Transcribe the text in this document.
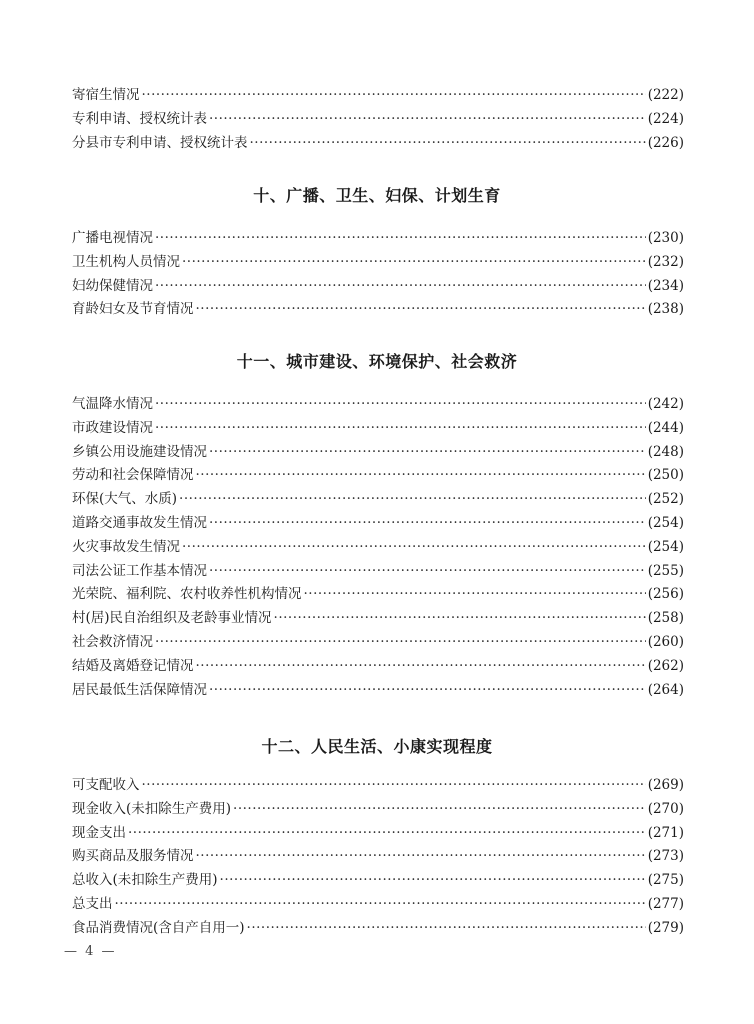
寄宿生情况 ·····	(222)
专利申请、授权统计表 ·····	(224)
分县市专利申请、授权统计表 ·····	(226)
十、广播、卫生、妇保、计划生育
广播电视情况 ·····	(230)
卫生机构人员情况 ·····	(232)
妇幼保健情况 ·····	(234)
育龄妇女及节育情况 ·····	(238)
十一、城市建设、环境保护、社会救济
气温降水情况 ·····	(242)
市政建设情况 ·····	(244)
乡镇公用设施建设情况 ·····	(248)
劳动和社会保障情况 ·····	(250)
环保(大气、水质) ·····	(252)
道路交通事故发生情况 ·····	(254)
火灾事故发生情况 ·····	(254)
司法公证工作基本情况 ·····	(255)
光荣院、福利院、农村收养性机构情况 ·····	(256)
村(居)民自治组织及老龄事业情况 ·····	(258)
社会救济情况 ·····	(260)
结婚及离婚登记情况 ·····	(262)
居民最低生活保障情况 ·····	(264)
十二、人民生活、小康实现程度
可支配收入 ·····	(269)
现金收入(未扣除生产费用) ·····	(270)
现金支出 ·····	(271)
购买商品及服务情况 ·····	(273)
总收入(未扣除生产费用) ·····	(275)
总支出 ·····	(277)
食品消费情况(含自产自用一) ·····	(279)
— 4 —
